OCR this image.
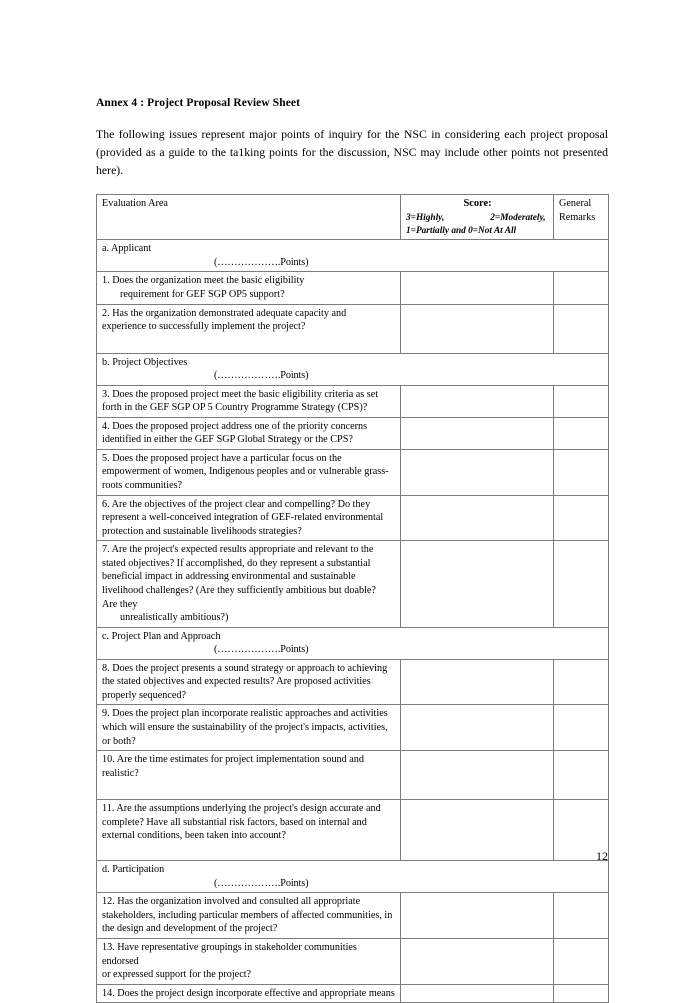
Annex 4 : Project Proposal Review Sheet

The following issues represent major points of inquiry for the NSC in considering each project proposal (provided as a guide to the ta1king points for the discussion, NSC may include other points not presented here).

Evaluation Area	Score:
3=Highly, 2=Moderately,
1=Partially and 0=Not At All	General Remarks

a. Applicant
(……………….Points)		

1. Does the organization meet the basic eligibility
requirement for GEF SGP OP5 support?		

2. Has the organization demonstrated adequate capacity and
experience to successfully implement the project?		

b. Project Objectives
(……………….Points)		

3. Does the proposed project meet the basic eligibility criteria as set
forth in the GEF SGP OP 5 Country Programme Strategy (CPS)?		

4. Does the proposed project address one of the priority concerns
identified in either the GEF SGP Global Strategy or the CPS?		

5. Does the proposed project have a particular focus on the
empowerment of women, Indigenous peoples and or vulnerable grass-
roots communities?		

6. Are the objectives of the project clear and compelling? Do they
represent a well-conceived integration of GEF-related environmental
protection and sustainable livelihoods strategies?		

7. Are the project's expected results appropriate and relevant to the
stated objectives? If accomplished, do they represent a substantial
beneficial impact in addressing environmental and sustainable
livelihood challenges? (Are they sufficiently ambitious but doable?
Are they
unrealistically ambitious?)

c. Project Plan and Approach
(……………….Points)		

8. Does the project presents a sound strategy or approach to achieving
the stated objectives and expected results? Are proposed activities
properly sequenced?		

9. Does the project plan incorporate realistic approaches and activities
which will ensure the sustainability of the project's impacts, activities,
or both?		

10. Are the time estimates for project implementation sound and
realistic?		

11. Are the assumptions underlying the project's design accurate and
complete? Have all substantial risk factors, based on internal and
external conditions, been taken into account?		

d. Participation
(……………….Points)		

12. Has the organization involved and consulted all appropriate
stakeholders, including particular members of affected communities, in
the design and development of the project?		

13. Have representative groupings in stakeholder communities endorsed
or expressed support for the project?		

14. Does the project design incorporate effective and appropriate means		

12
